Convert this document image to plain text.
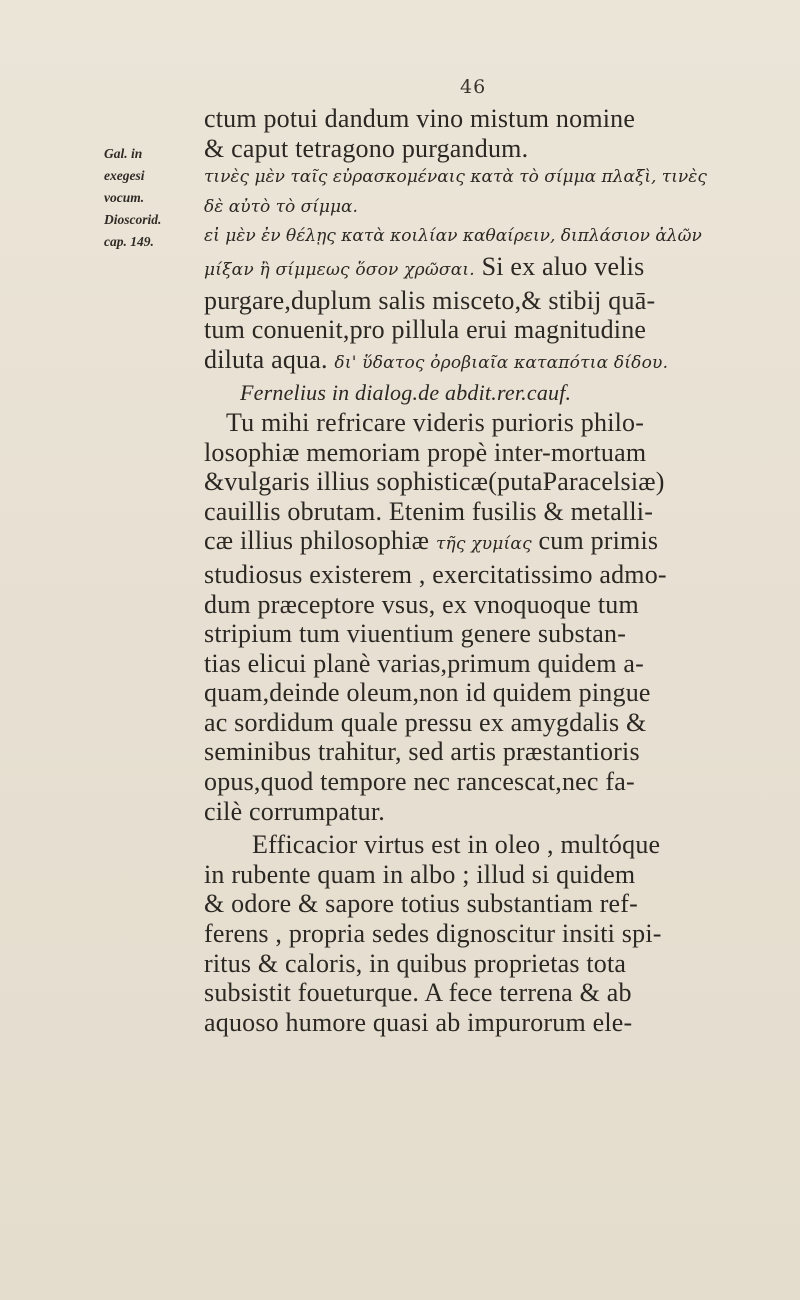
46
Gal. in
exegesi
vocum.
Dioscorid.
cap. 149.
ctum potui dandum vino mistum nomine
& caput tetragono purgandum.
τινὲς μὲν ταῖς εὐρασκομέναις κατὰ τὸ σίμμα πλαξὶ, τινὲς
δὲ αὐτὸ τὸ σίμμα.
εἰ μὲν ἐν θέλῃς κατὰ κοιλίαν καθαίρειν, διπλάσιον ἀλῶν
μίξαν ἢ σίμμεως ὅσον χρῶσαι. Si ex aluo velis
purgare,duplum salis misceto,& stibij quā-
tum conuenit,pro pillula erui magnitudine
diluta aqua. δι' ὕδατος ὀροβιαῖα καταπότια δίδου.
Fernelius in dialog.de abdit.rer.cauf.
Tu mihi refricare videris purioris philo-
losophiæ memoriam propè inter-mortuam
&vulgaris illius sophisticæ(putaParacelsiæ)
cauillis obrutam. Etenim fusilis & metalli-
cæ illius philosophiæ τῆς χυμίας cum primis
studiosus existerem , exercitatissimo admo-
dum præceptore vsus, ex vnoquoque tum
stripium tum viuentium genere substan-
tias elicui planè varias,primum quidem a-
quam,deinde oleum,non id quidem pingue
ac sordidum quale pressu ex amygdalis &
seminibus trahitur, sed artis præstantioris
opus,quod tempore nec rancescat,nec fa-
cilè corrumpatur.
Efficacior virtus est in oleo , multóque
in rubente quam in albo ; illud si quidem
& odore & sapore totius substantiam ref-
ferens , propria sedes dignoscitur insiti spi-
ritus & caloris, in quibus proprietas tota
subsistit foueturque. A fece terrena & ab
aquoso humore quasi ab impurorum ele-
